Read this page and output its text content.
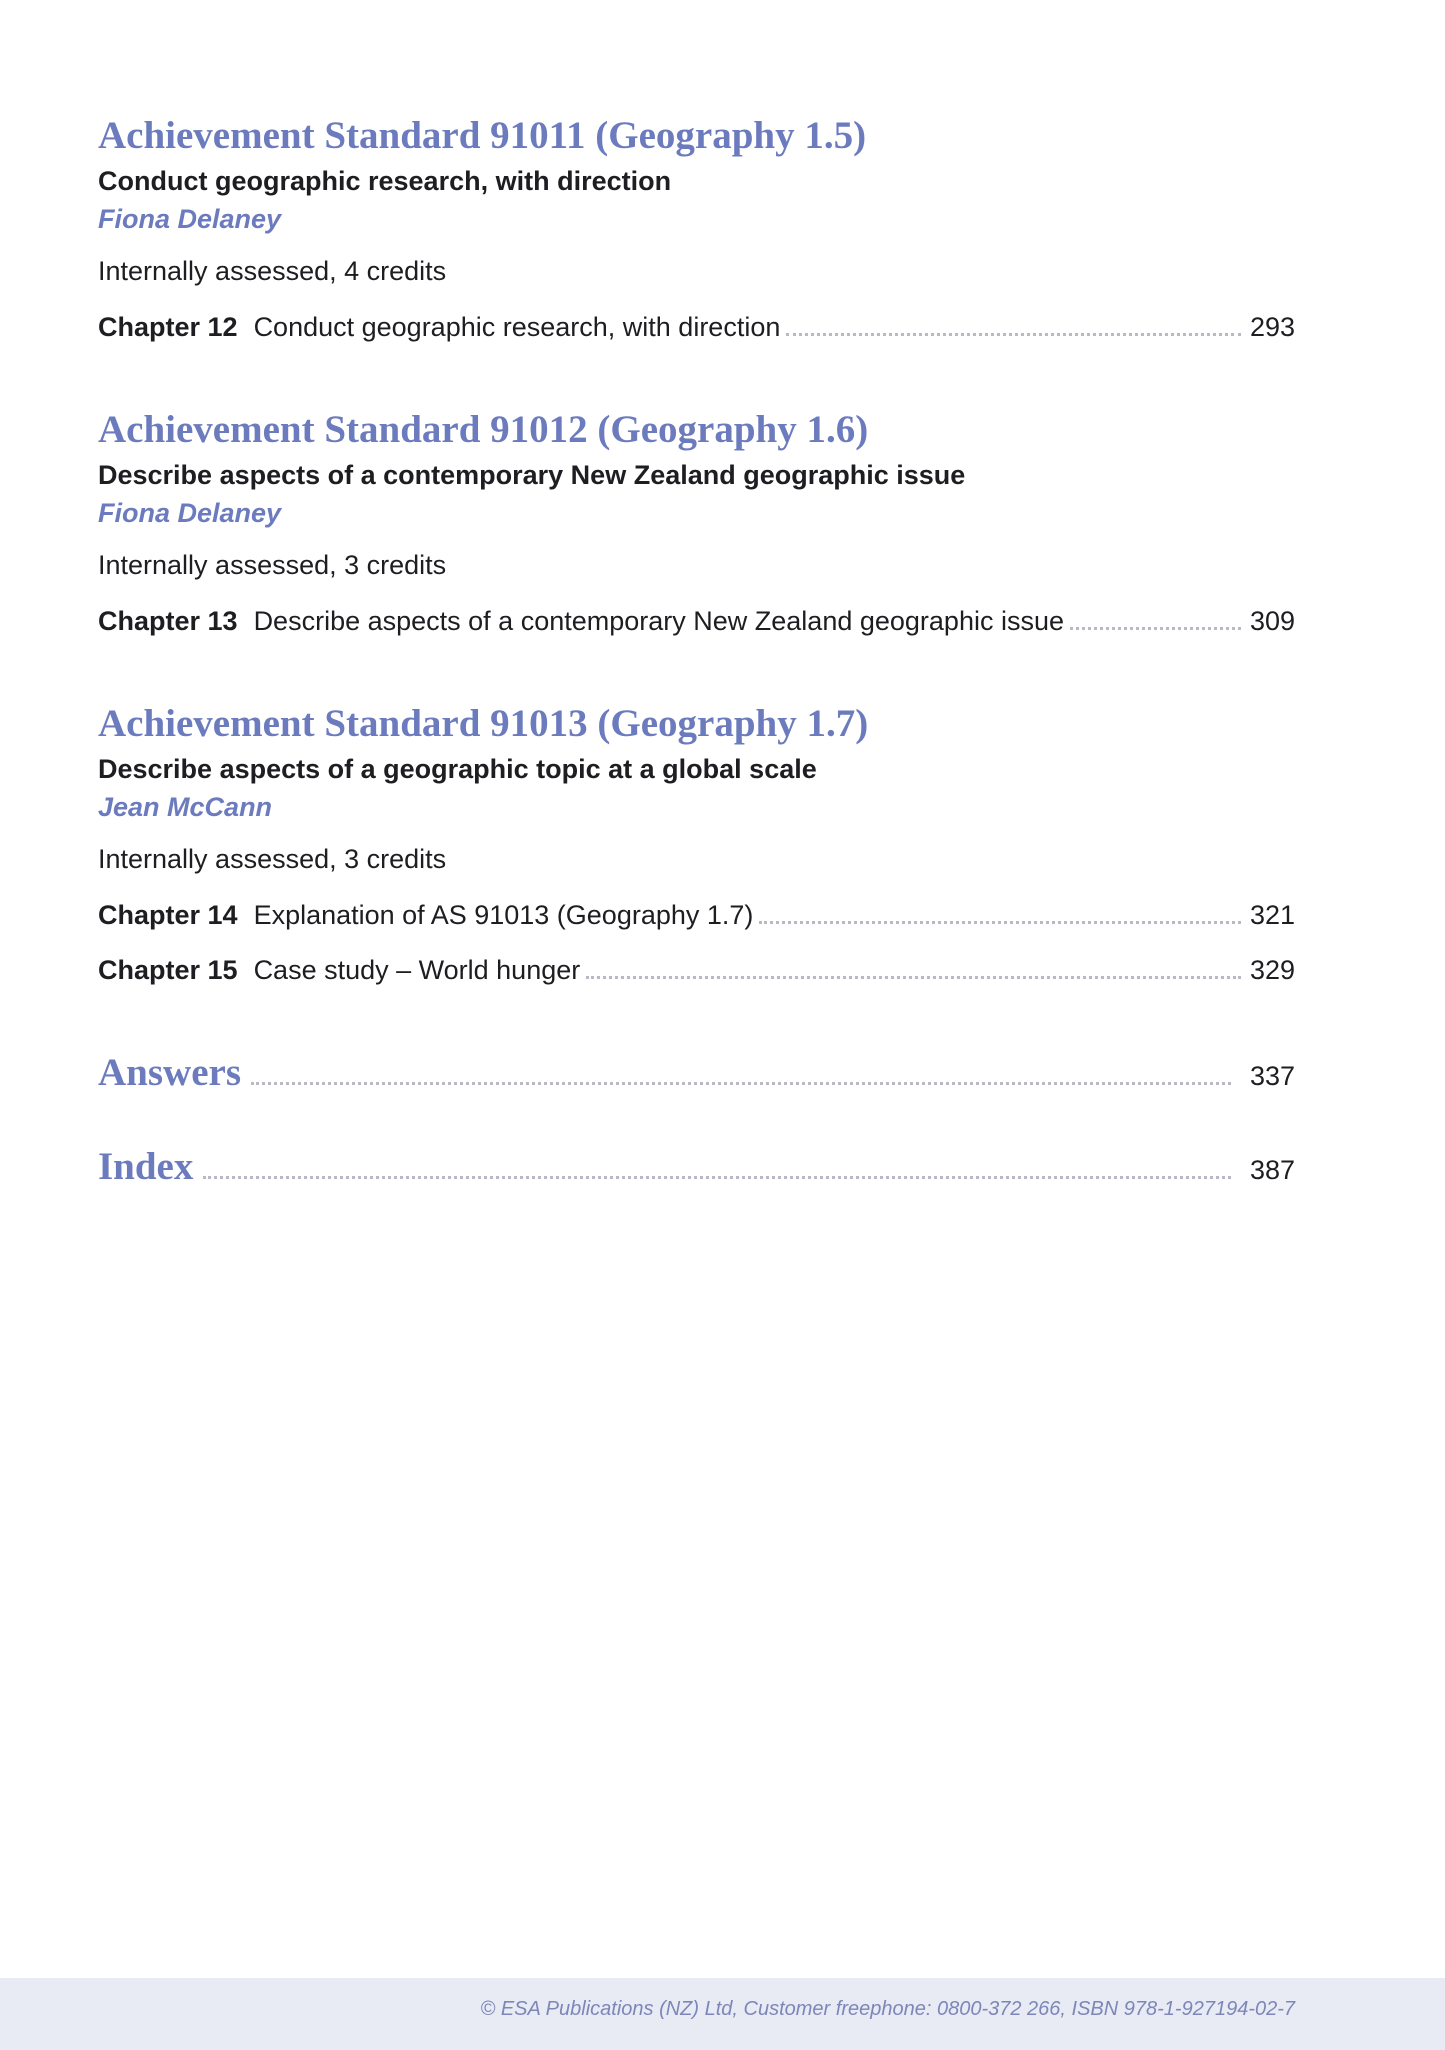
Achievement Standard 91011 (Geography 1.5)

Conduct geographic research, with direction

Fiona Delaney

Internally assessed, 4 credits

Chapter 12 Conduct geographic research, with direction	293
Achievement Standard 91012 (Geography 1.6)

Describe aspects of a contemporary New Zealand geographic issue

Fiona Delaney

Internally assessed, 3 credits

Chapter 13 Describe aspects of a contemporary New Zealand geographic issue	309
Achievement Standard 91013 (Geography 1.7)

Describe aspects of a geographic topic at a global scale

Jean McCann

Internally assessed, 3 credits

Chapter 14 Explanation of AS 91013 (Geography 1.7)	321
Chapter 15 Case study – World hunger	329
Answers	337
Index	387
© ESA Publications (NZ) Ltd, Customer freephone: 0800-372 266, ISBN 978-1-927194-02-7
